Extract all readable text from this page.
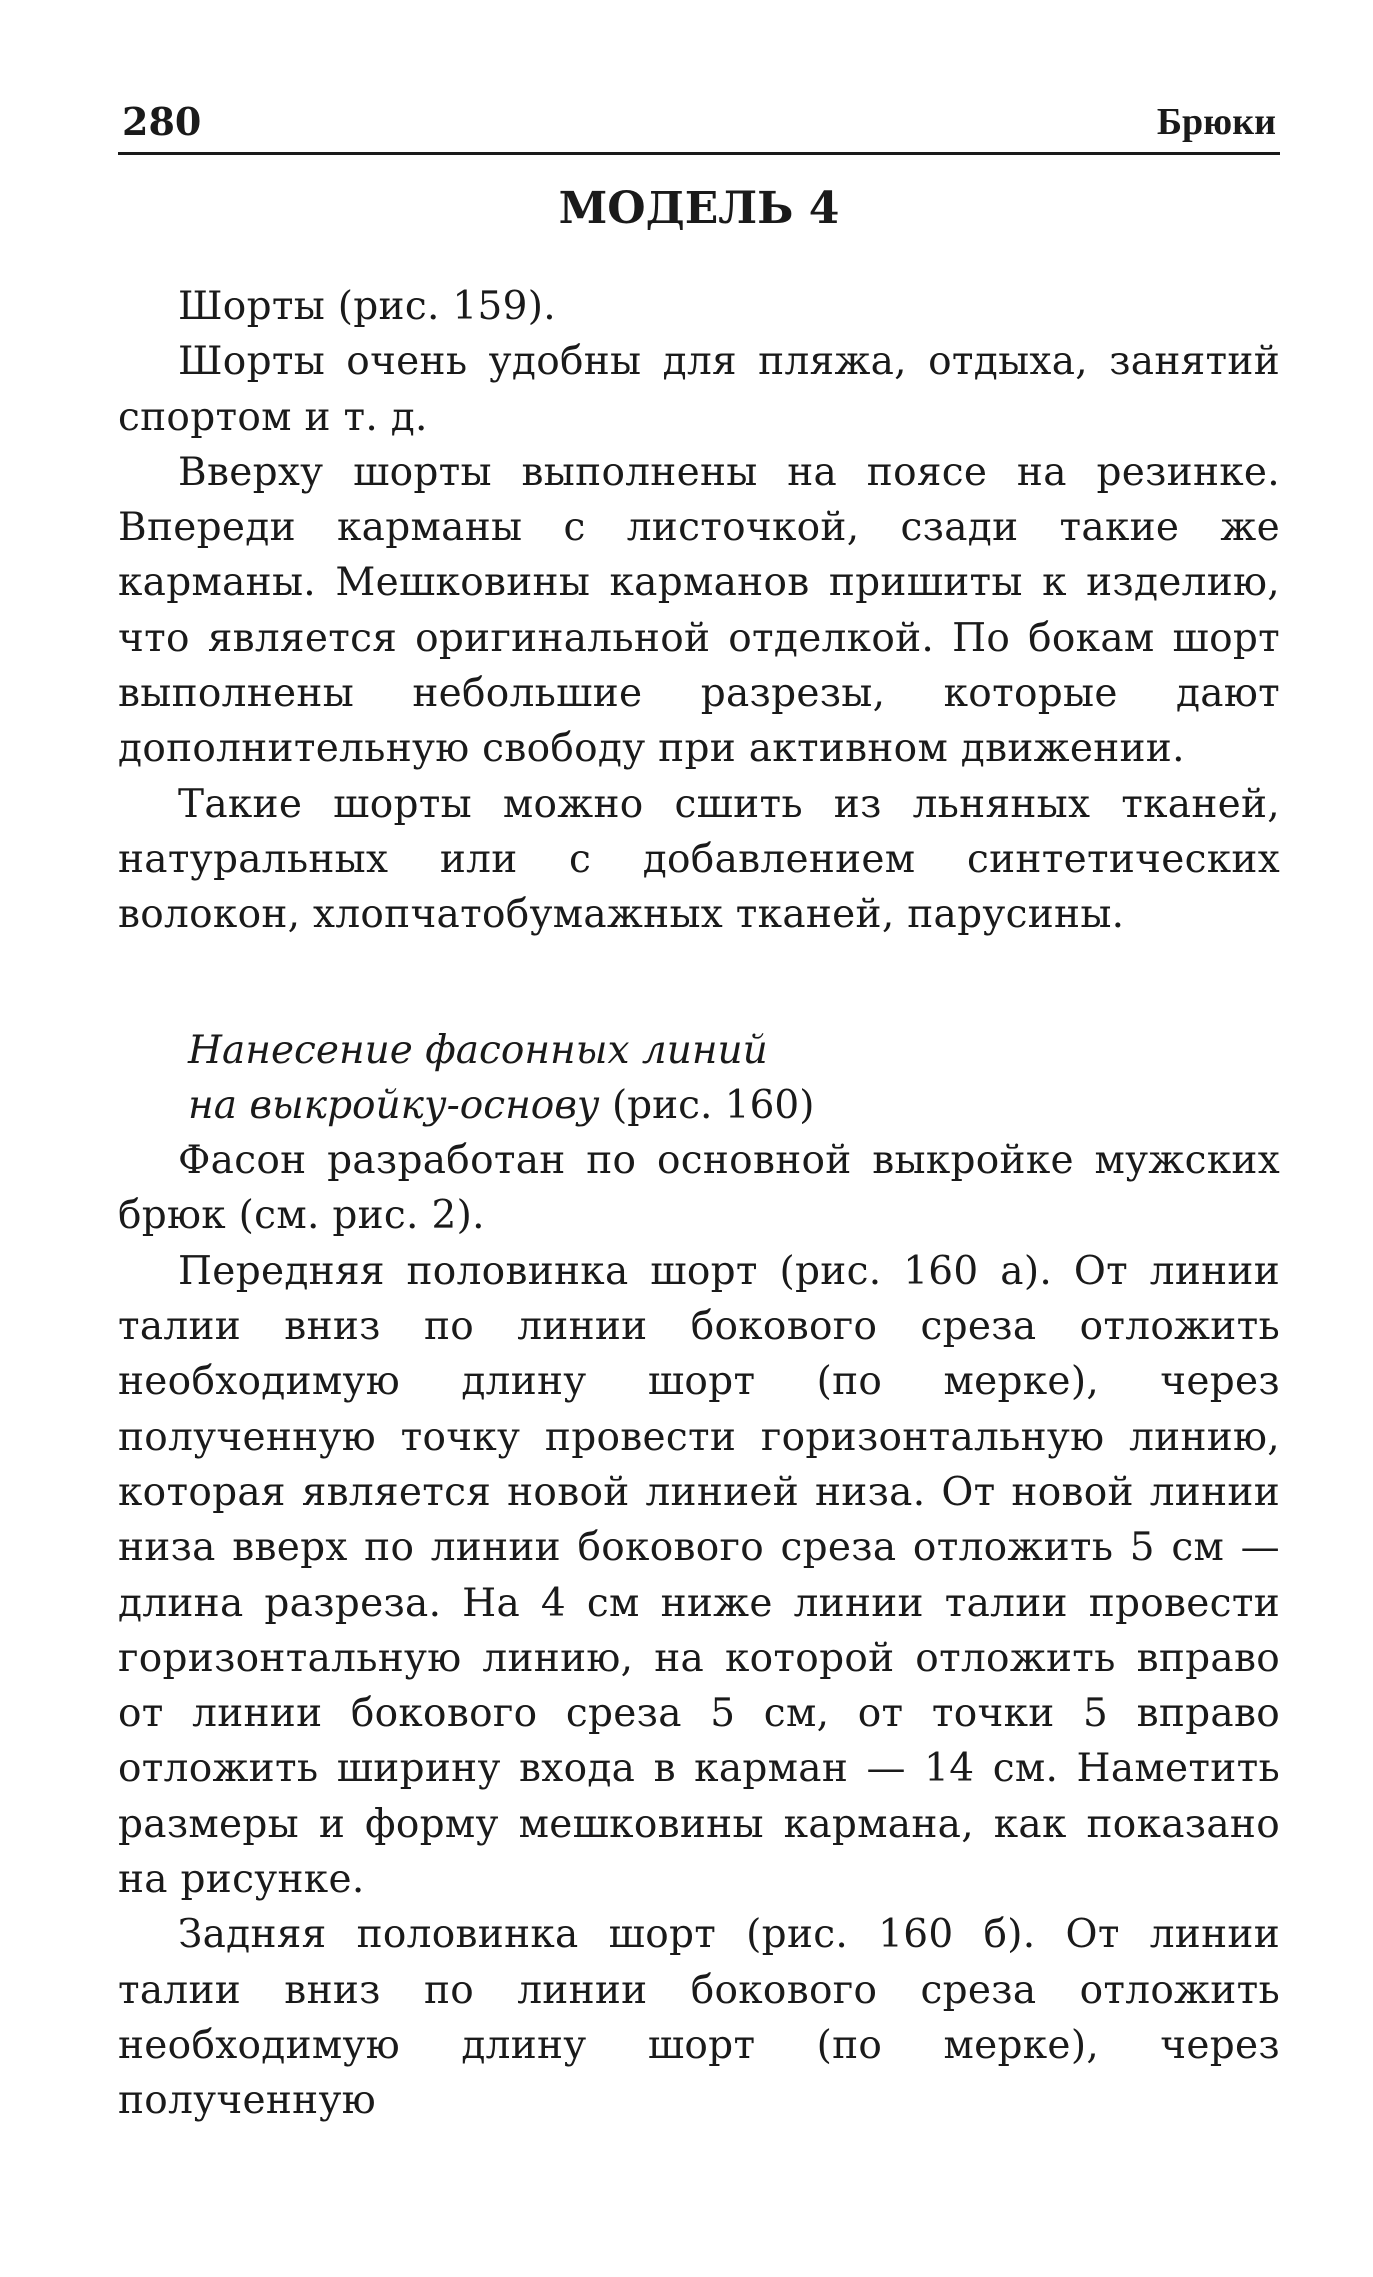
280	Брюки
МОДЕЛЬ 4

Шорты (рис. 159).

Шорты очень удобны для пляжа, отдыха, занятий спортом и т. д.

Вверху шорты выполнены на поясе на резинке. Впереди карманы с листочкой, сзади такие же карманы. Мешковины карманов пришиты к изделию, что является оригинальной отделкой. По бокам шорт выполнены небольшие разрезы, которые дают дополнительную свободу при активном движении.

Такие шорты можно сшить из льняных тканей, натуральных или с добавлением синтетических волокон, хлопчатобумажных тканей, парусины.

Нанесение фасонных линий
на выкройку-основу (рис. 160)

Фасон разработан по основной выкройке мужских брюк (см. рис. 2).

Передняя половинка шорт (рис. 160 а). От линии талии вниз по линии бокового среза отложить необходимую длину шорт (по мерке), через полученную точку провести горизонтальную линию, которая является новой линией низа. От новой линии низа вверх по линии бокового среза отложить 5 см — длина разреза. На 4 см ниже линии талии провести горизонтальную линию, на которой отложить вправо от линии бокового среза 5 см, от точки 5 вправо отложить ширину входа в карман — 14 см. Наметить размеры и форму мешковины кармана, как показано на рисунке.

Задняя половинка шорт (рис. 160 б). От линии талии вниз по линии бокового среза отложить необходимую длину шорт (по мерке), через полученную
